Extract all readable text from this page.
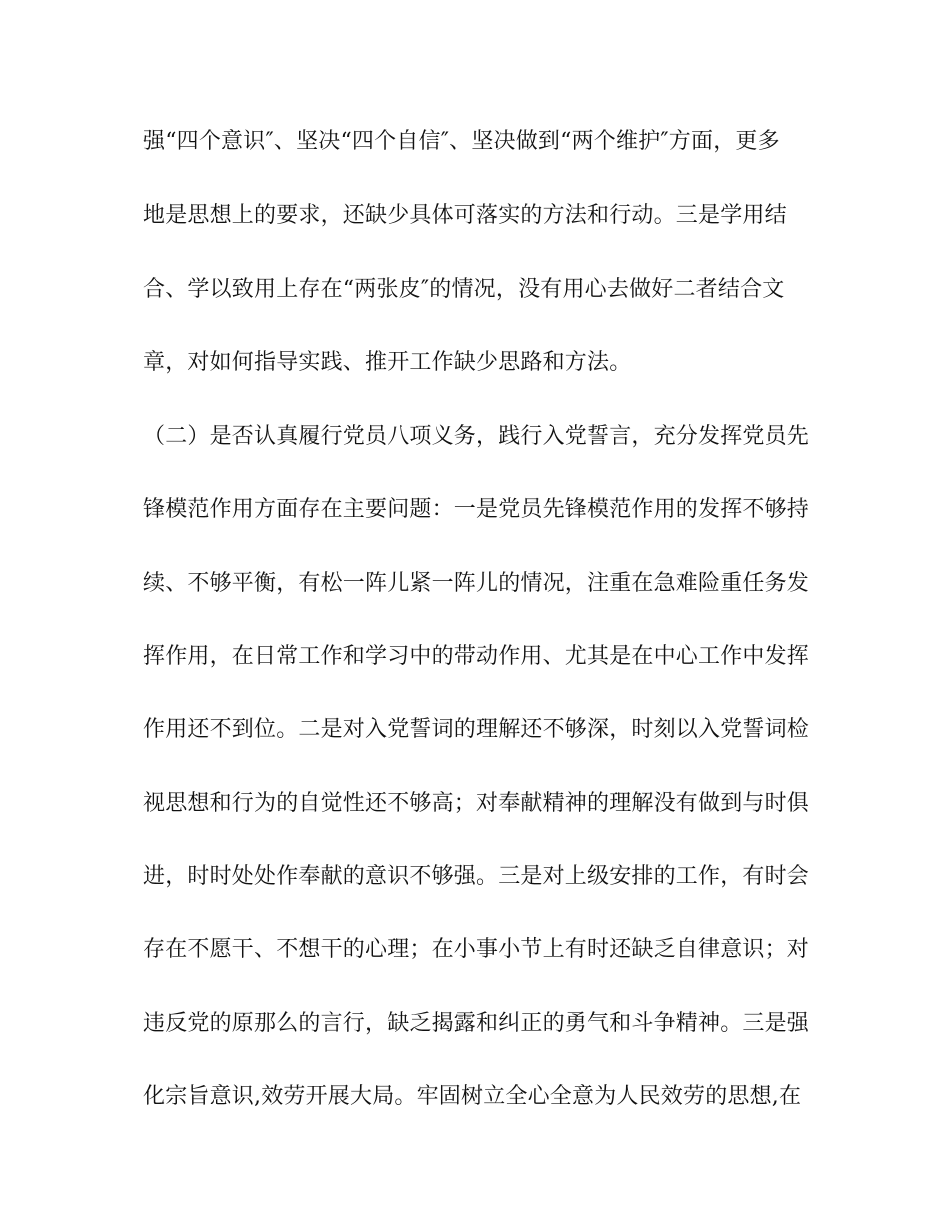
强“四个意识″、坚决“四个自信″、坚决做到“两个维护″方面，更多
地是思想上的要求，还缺少具体可落实的方法和行动。三是学用结
合、学以致用上存在“两张皮″的情况，没有用心去做好二者结合文
章，对如何指导实践、推开工作缺少思路和方法。
（二）是否认真履行党员八项义务，践行入党誓言，充分发挥党员先
锋模范作用方面存在主要问题：一是党员先锋模范作用的发挥不够持
续、不够平衡，有松一阵儿紧一阵儿的情况，注重在急难险重任务发
挥作用，在日常工作和学习中的带动作用、尤其是在中心工作中发挥
作用还不到位。二是对入党誓词的理解还不够深，时刻以入党誓词检
视思想和行为的自觉性还不够高；对奉献精神的理解没有做到与时俱
进，时时处处作奉献的意识不够强。三是对上级安排的工作，有时会
存在不愿干、不想干的心理；在小事小节上有时还缺乏自律意识；对
违反党的原那么的言行，缺乏揭露和纠正的勇气和斗争精神。三是强
化宗旨意识,效劳开展大局。牢固树立全心全意为人民效劳的思想,在
